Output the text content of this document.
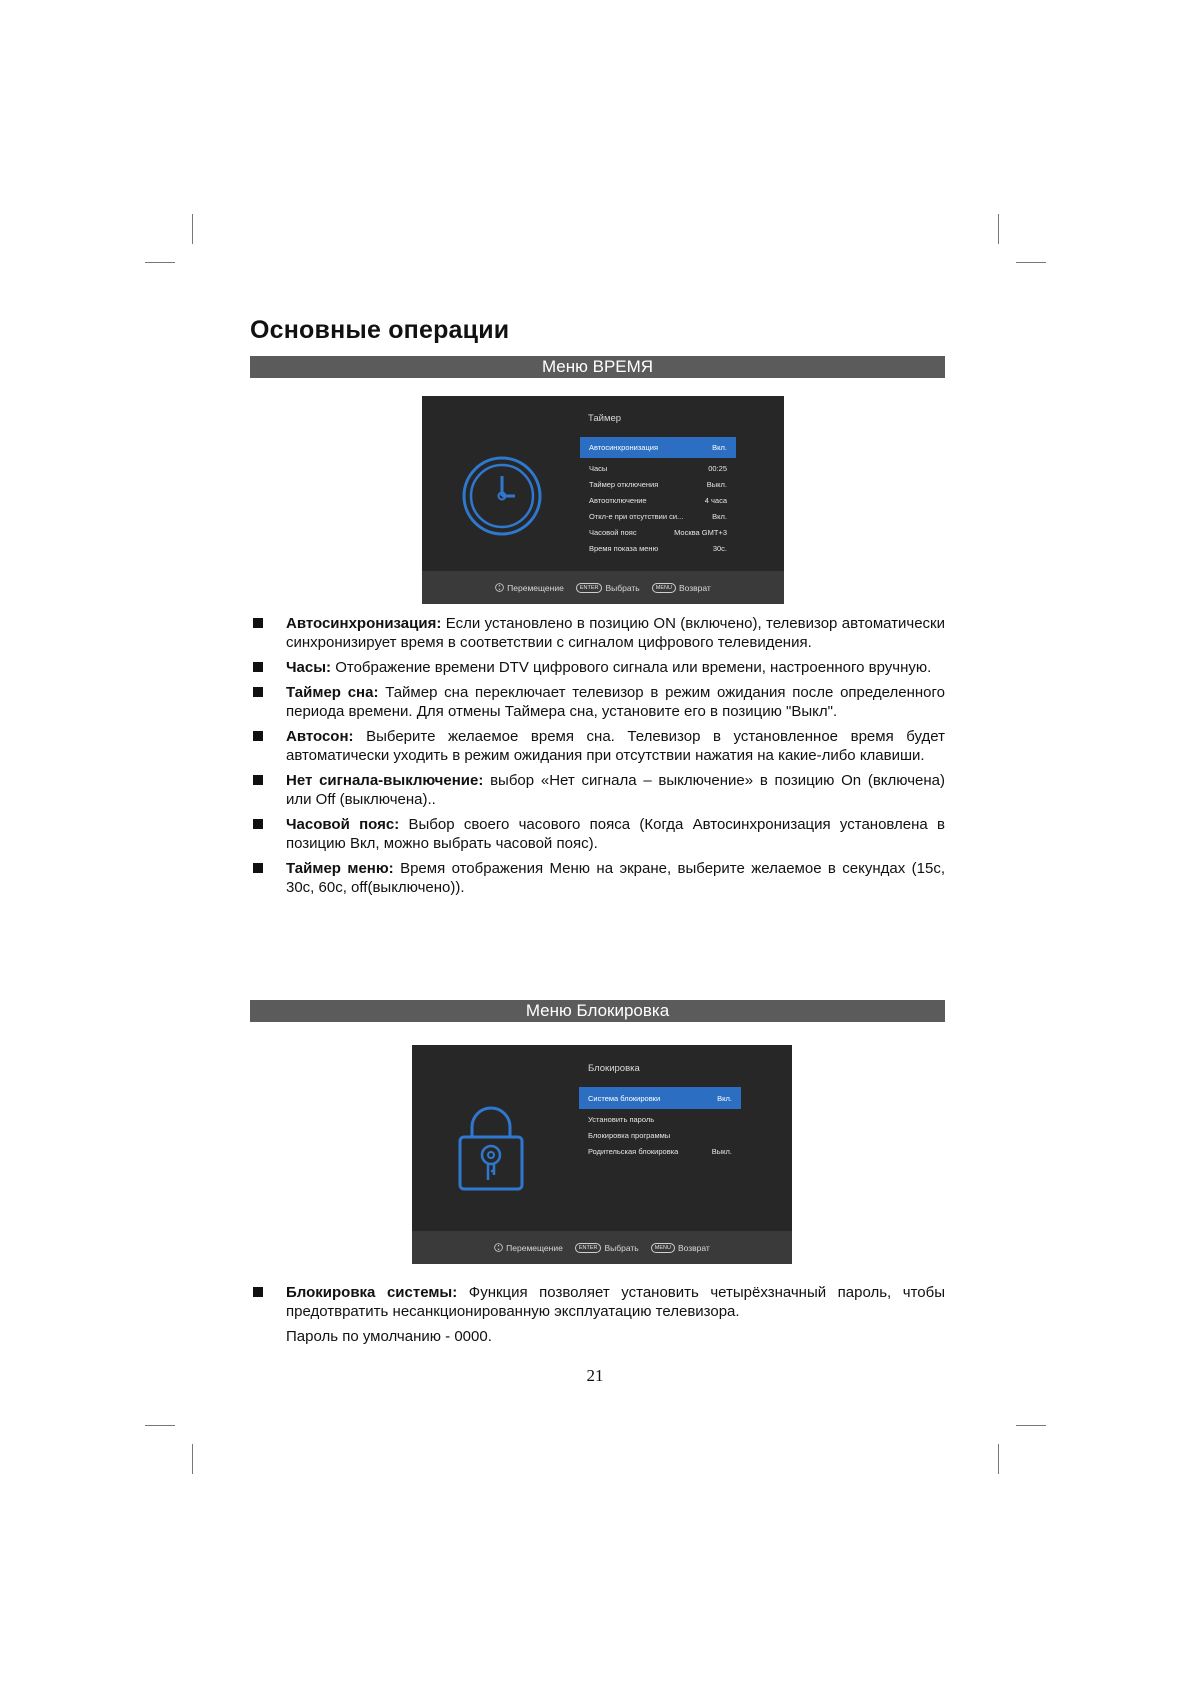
Основные операции
Меню ВРЕМЯ
Таймер
Автосинхронизация	Вкл.
Часы	00:25
Таймер отключения	Выкл.
Автоотключение	4 часа
Откл-е при отсутствии си...	Вкл.
Часовой пояс	Москва GMT+3
Время показа меню	30с.
Перемещение	ENTER Выбрать	MENU Возврат
Автосинхронизация: Если установлено в позицию ON (включено), телевизор автоматически синхронизирует время в соответствии с сигналом цифрового телевидения.
Часы: Отображение времени DTV цифрового сигнала или времени, настроенного вручную.
Таймер сна: Таймер сна переключает телевизор в режим ожидания после определенного периода времени. Для отмены Таймера сна, установите его в позицию "Выкл".
Автосон: Выберите желаемое время сна. Телевизор в установленное время будет автоматически уходить в режим ожидания при отсутствии нажатия на какие-либо клавиши.
Нет сигнала-выключение: выбор «Нет сигнала – выключение» в позицию On (включена) или Off (выключена)..
Часовой пояс: Выбор своего часового пояса (Когда Автосинхронизация установлена в позицию Вкл, можно выбрать часовой пояс).
Таймер меню: Время отображения Меню на экране, выберите желаемое в секундах (15с, 30с, 60с, off(выключено)).
Меню Блокировка
Блокировка
Система блокировки	Вкл.
Установить пароль
Блокировка программы
Родительская блокировка	Выкл.
Перемещение	ENTER Выбрать	MENU Возврат
Блокировка системы: Функция позволяет установить четырёхзначный пароль, чтобы предотвратить несанкционированную эксплуатацию телевизора.
Пароль по умолчанию - 0000.
21
